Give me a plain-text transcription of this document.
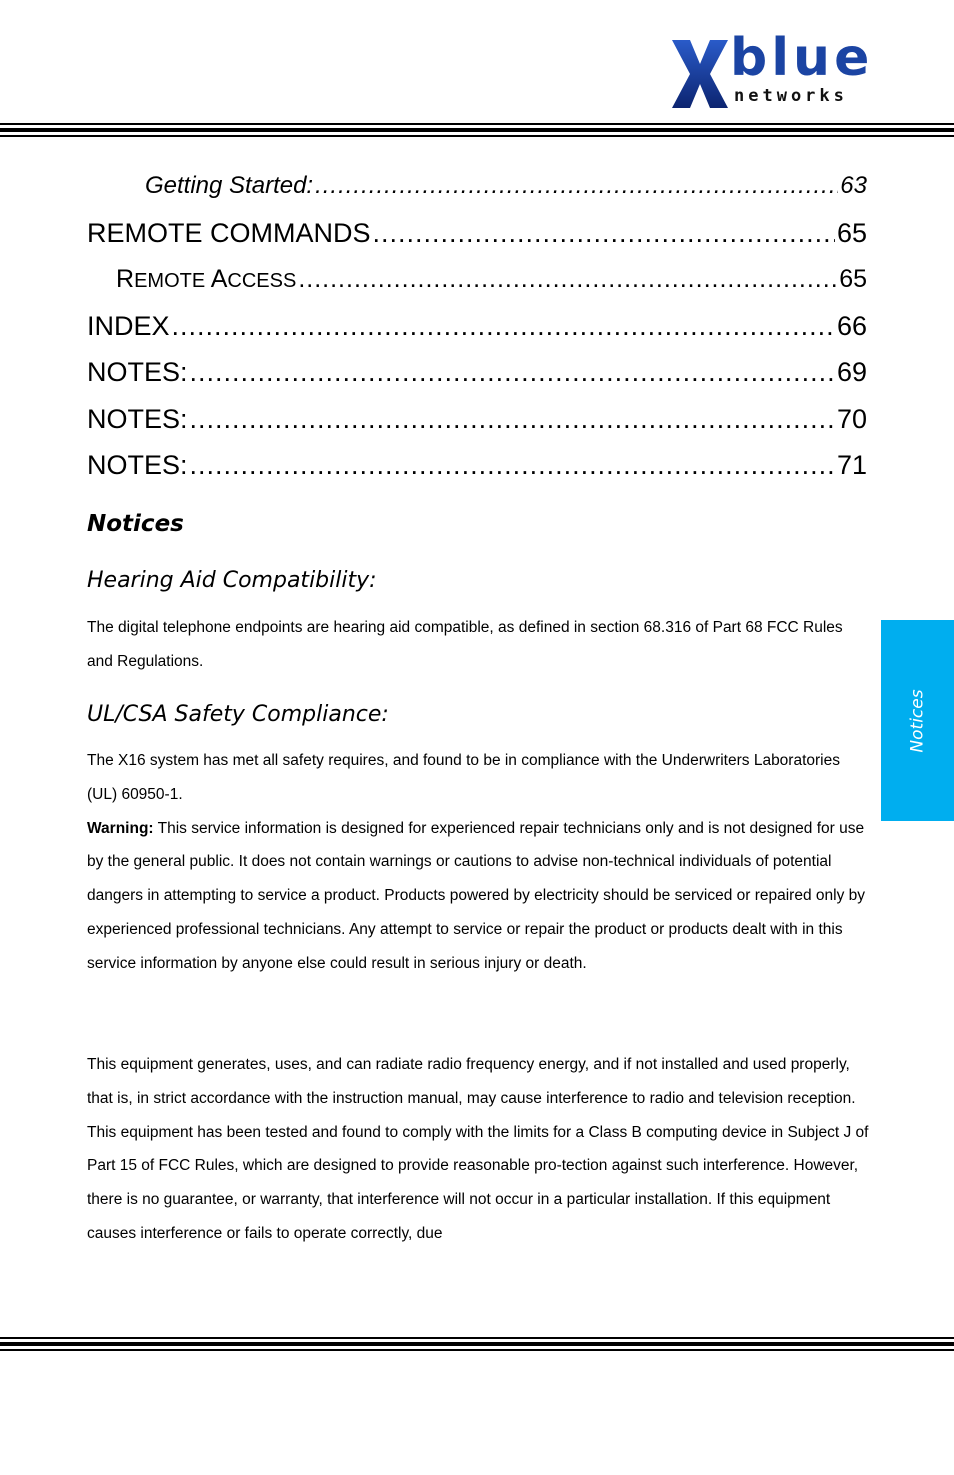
blue
networks
Getting Started: .....	63
REMOTE COMMANDS .....	65
REMOTE ACCESS .....	65
INDEX .....	66
NOTES: .....	69
NOTES: .....	70
NOTES: .....	71
Notices
Hearing Aid Compatibility:
The digital telephone endpoints are hearing aid compatible, as defined in section 68.316 of Part 68 FCC Rules and Regulations.
UL/CSA Safety Compliance:
The X16 system has met all safety requires, and found to be in compliance with the Underwriters Laboratories (UL) 60950-1.
Warning: This service information is designed for experienced repair technicians only and is not designed for use by the general public. It does not contain warnings or cautions to advise non-technical individuals of potential dangers in attempting to service a product. Products powered by electricity should be serviced or repaired only by experienced professional technicians. Any attempt to service or repair the product or products dealt with in this service information by anyone else could result in serious injury or death.
This equipment generates, uses, and can radiate radio frequency energy, and if not installed and used properly, that is, in strict accordance with the instruction manual, may cause interference to radio and television reception. This equipment has been tested and found to comply with the limits for a Class B computing device in Subject J of Part 15 of FCC Rules, which are designed to provide reasonable pro-tection against such interference. However, there is no guarantee, or warranty, that interference will not occur in a particular installation. If this equipment causes interference or fails to operate correctly, due
Notices
